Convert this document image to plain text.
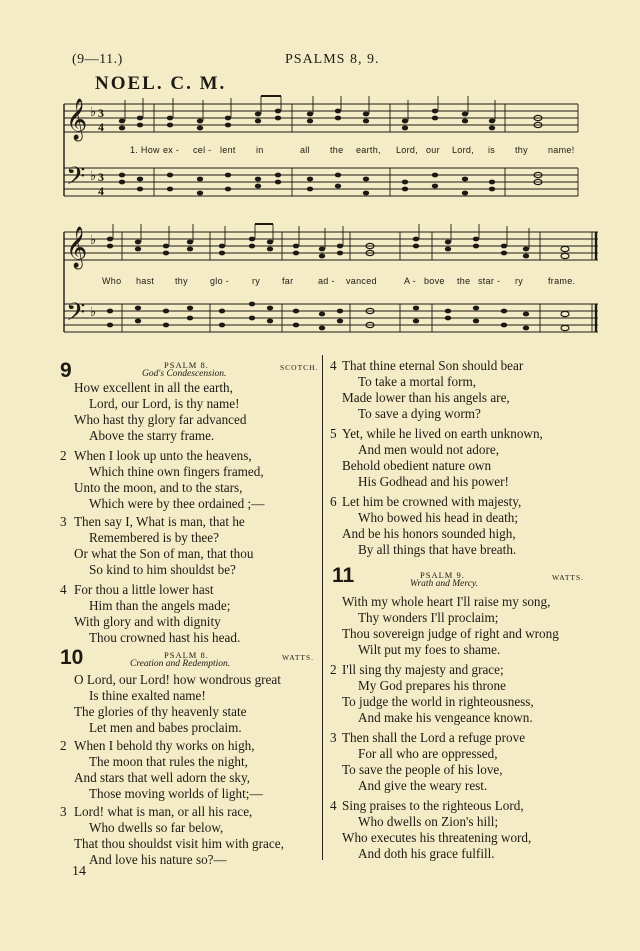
(9—11.)	PSALMS 8, 9.
NOEL. C. M.
𝄞
𝄢
♭
♭
3
4
3
4
1. How ex - cel - lent in	all the earth, Lord, our Lord, is thy name!
𝄞
𝄢
♭
♭
Who hast thy glo -	ry far	ad - vanced	A - bove the star - ry	frame.
9	PSALM 8.	SCOTCH.
God's Condescension.
How excellent in all the earth,
Lord, our Lord, is thy name!
Who hast thy glory far advanced
Above the starry frame.
2 When I look up unto the heavens,
Which thine own fingers framed,
Unto the moon, and to the stars,
Which were by thee ordained ;—
3 Then say I, What is man, that he
Remembered is by thee?
Or what the Son of man, that thou
So kind to him shouldst be?
4 For thou a little lower hast
Him than the angels made;
With glory and with dignity
Thou crowned hast his head.
10	PSALM 8.	WATTS.
Creation and Redemption.
O Lord, our Lord! how wondrous great
Is thine exalted name!
The glories of thy heavenly state
Let men and babes proclaim.
2 When I behold thy works on high,
The moon that rules the night,
And stars that well adorn the sky,
Those moving worlds of light;—
3 Lord! what is man, or all his race,
Who dwells so far below,
That thou shouldst visit him with grace,
And love his nature so?—
4 That thine eternal Son should bear
To take a mortal form,
Made lower than his angels are,
To save a dying worm?
5 Yet, while he lived on earth unknown,
And men would not adore,
Behold obedient nature own
His Godhead and his power!
6 Let him be crowned with majesty,
Who bowed his head in death;
And be his honors sounded high,
By all things that have breath.
11	PSALM 9.	WATTS.
Wrath and Mercy.
With my whole heart I'll raise my song,
Thy wonders I'll proclaim;
Thou sovereign judge of right and wrong
Wilt put my foes to shame.
2 I'll sing thy majesty and grace;
My God prepares his throne
To judge the world in righteousness,
And make his vengeance known.
3 Then shall the Lord a refuge prove
For all who are oppressed,
To save the people of his love,
And give the weary rest.
4 Sing praises to the righteous Lord,
Who dwells on Zion's hill;
Who executes his threatening word,
And doth his grace fulfill.
14
